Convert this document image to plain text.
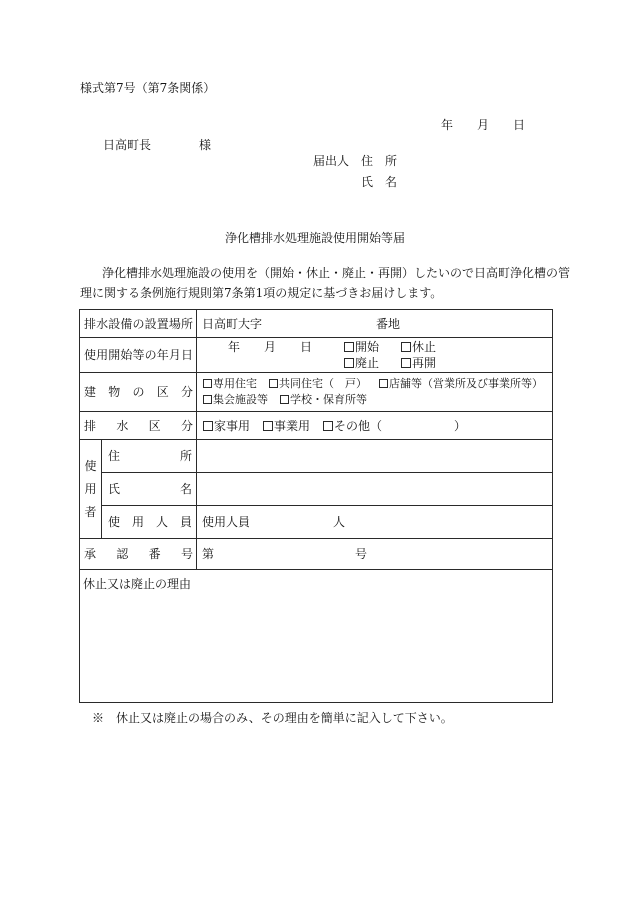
様式第7号（第7条関係）
年　　月　　日
日高町長　　　　様
届出人 住　所
氏　名
浄化槽排水処理施設使用開始等届
浄化槽排水処理施設の使用を（開始・休止・廃止・再開）したいので日高町浄化槽の管
理に関する条例施行規則第7条第1項の規定に基づきお届けします。
排水設備の設置場所		日高町大字 番地

使用開始等の年月日		年　　月　　日 開始 休止
廃止 再開

建　物　の　区　分		専用住宅 共同住宅（　戸） 店舗等（営業所及び事業所等）
集会施設等 学校・保育所等

排　水　区　分		家事用 事業用 その他（　　　　　　）

使用者	住　　　　所	

	氏　　　　名	

	使　用　人　員	使用人員 人

承　認　番　号		第 号

休止又は廃止の理由		
※　休止又は廃止の場合のみ、その理由を簡単に記入して下さい。
